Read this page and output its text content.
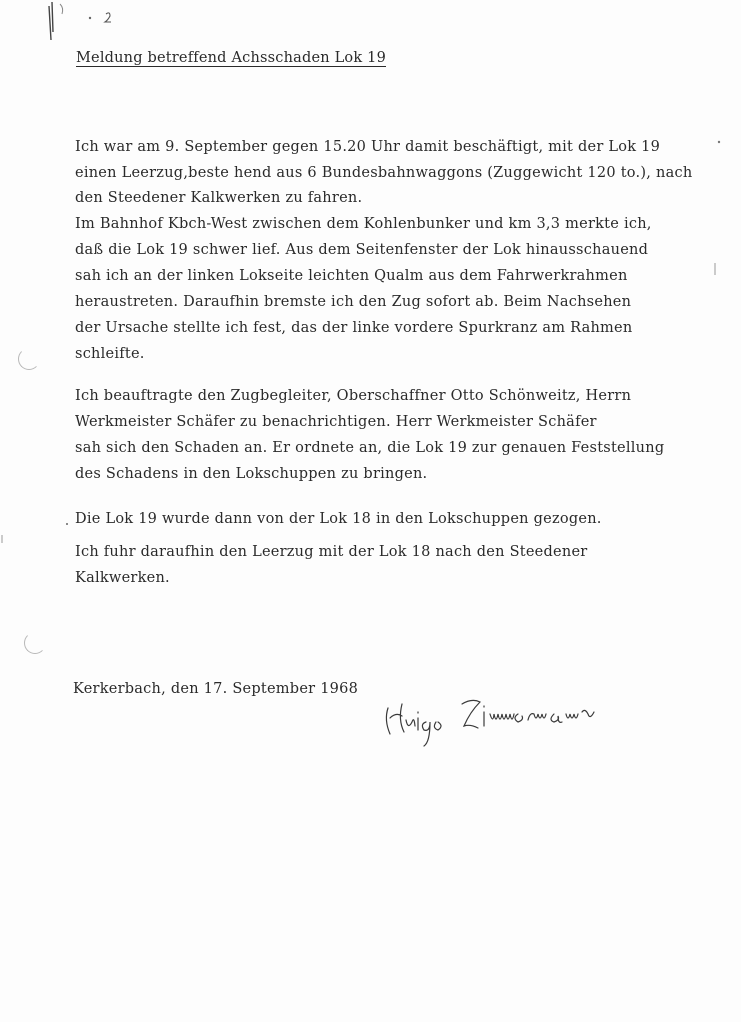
Meldung betreffend Achsschaden Lok 19
Ich war am 9. September gegen 15.20 Uhr damit beschäftigt, mit der Lok 19
einen Leerzug,beste hend aus 6 Bundesbahnwaggons (Zuggewicht 120 to.), nach
den Steedener Kalkwerken zu fahren.
Im Bahnhof Kbch-West zwischen dem Kohlenbunker und km 3,3 merkte ich,
daß die Lok 19 schwer lief. Aus dem Seitenfenster der Lok hinausschauend
sah ich an der linken Lokseite leichten Qualm aus dem Fahrwerkrahmen
heraustreten. Daraufhin bremste ich den Zug sofort ab. Beim Nachsehen
der Ursache stellte ich fest, das der linke vordere Spurkranz am Rahmen
schleifte.
Ich beauftragte den Zugbegleiter, Oberschaffner Otto Schönweitz, Herrn
Werkmeister Schäfer zu benachrichtigen. Herr Werkmeister Schäfer
sah sich den Schaden an. Er ordnete an, die Lok 19 zur genauen Feststellung
des Schadens in den Lokschuppen zu bringen.
Die Lok 19 wurde dann von der Lok 18 in den Lokschuppen gezogen.
Ich fuhr daraufhin den Leerzug mit der Lok 18 nach den Steedener
Kalkwerken.
Kerkerbach, den 17. September 1968
